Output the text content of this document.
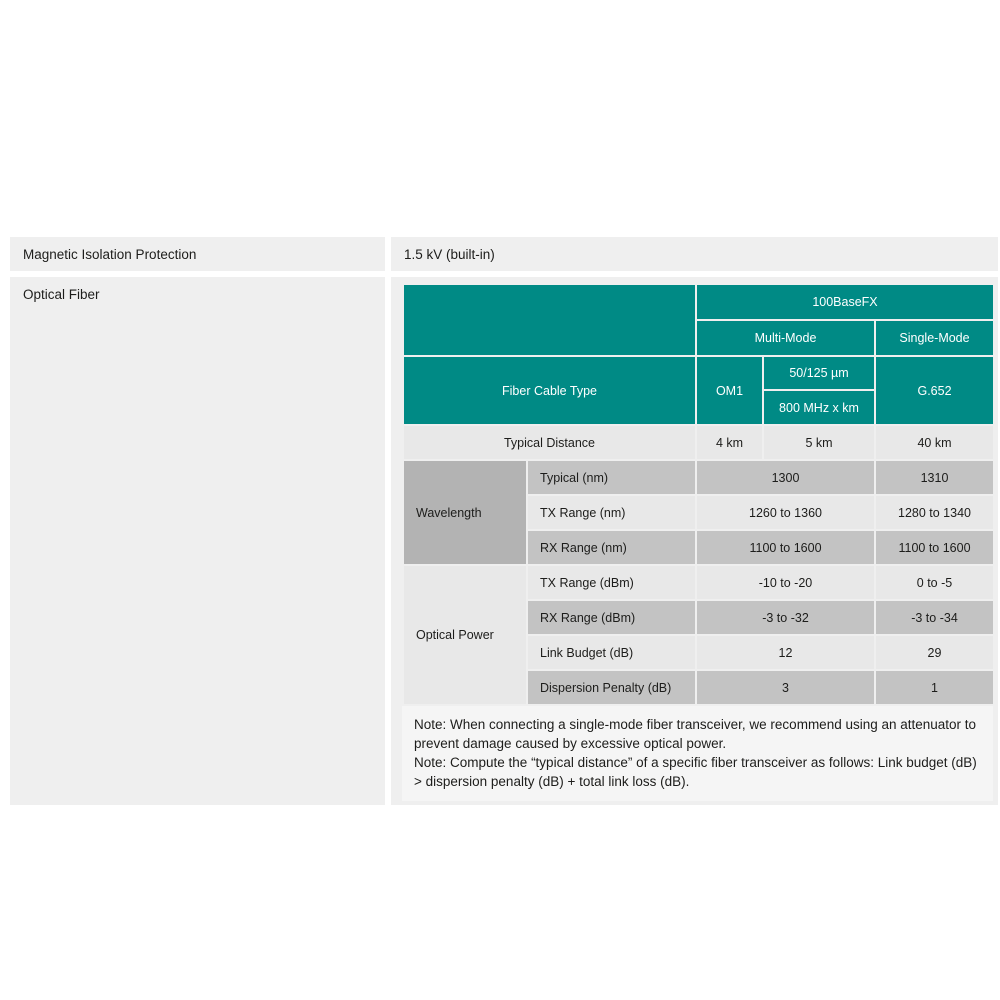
Magnetic Isolation Protection	1.5 kV (built-in)
Optical Fiber
		100BaseFX		
		Multi-Mode		Single-Mode
Fiber Cable Type		OM1	50/125 µm	G.652
			800 MHz x km	
Typical Distance		4 km	5 km	40 km
Wavelength	Typical (nm)	1300		1310
	TX Range (nm)	1260 to 1360		1280 to 1340
	RX Range (nm)	1100 to 1600		1100 to 1600
Optical Power	TX Range (dBm)	-10 to -20		0 to -5
	RX Range (dBm)	-3 to -32		-3 to -34
	Link Budget (dB)	12		29
	Dispersion Penalty (dB)	3		1
Note: When connecting a single-mode fiber transceiver, we recommend using an attenuator to prevent damage caused by excessive optical power.
Note: Compute the “typical distance” of a specific fiber transceiver as follows: Link budget (dB) > dispersion penalty (dB) + total link loss (dB).
